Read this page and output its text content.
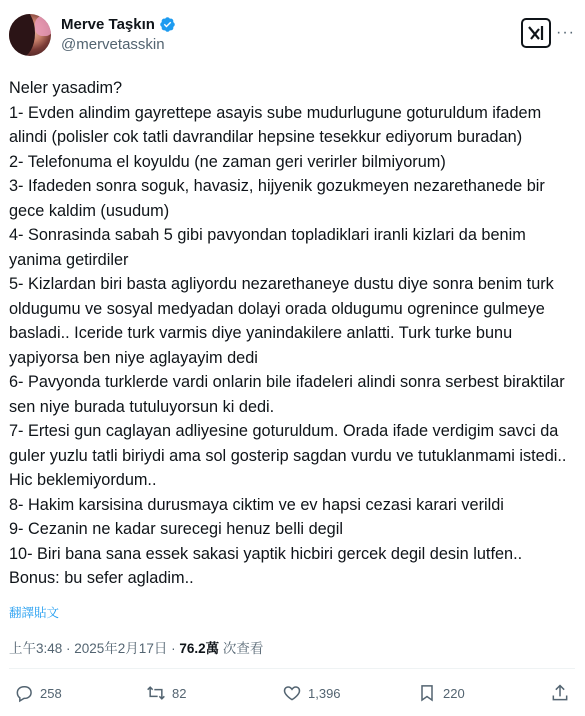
Merve Taşkın
@mervetasskin
···

Neler yasadim?

1- Evden alindim gayrettepe asayis sube mudurlugune goturuldum ifadem alindi (polisler cok tatli davrandilar hepsine tesekkur ediyorum buradan)

2- Telefonuma el koyuldu (ne zaman geri verirler bilmiyorum)

3- Ifadeden sonra soguk, havasiz, hijyenik gozukmeyen nezarethanede bir gece kaldim (usudum)

4- Sonrasinda sabah 5 gibi pavyondan topladiklari iranli kizlari da benim yanima getirdiler

5- Kizlardan biri basta agliyordu nezarethaneye dustu diye sonra benim turk oldugumu ve sosyal medyadan dolayi orada oldugumu ogrenince gulmeye basladi.. Iceride turk varmis diye yanindakilere anlatti. Turk turke bunu yapiyorsa ben niye aglayayim dedi

6- Pavyonda turklerde vardi onlarin bile ifadeleri alindi sonra serbest biraktilar sen niye burada tutuluyorsun ki dedi.

7- Ertesi gun caglayan adliyesine goturuldum. Orada ifade verdigim savci da guler yuzlu tatli biriydi ama sol gosterip sagdan vurdu ve tutuklanmami istedi.. Hic beklemiyordum..

8- Hakim karsisina durusmaya ciktim ve ev hapsi cezasi karari verildi

9- Cezanin ne kadar surecegi henuz belli degil

10- Biri bana sana essek sakasi yaptik hicbiri gercek degil desin lutfen..

Bonus: bu sefer agladim..

翻譯貼文
上午3:48 · 2025年2月17日 · 76.2萬 次查看
258	82	1,396	220
